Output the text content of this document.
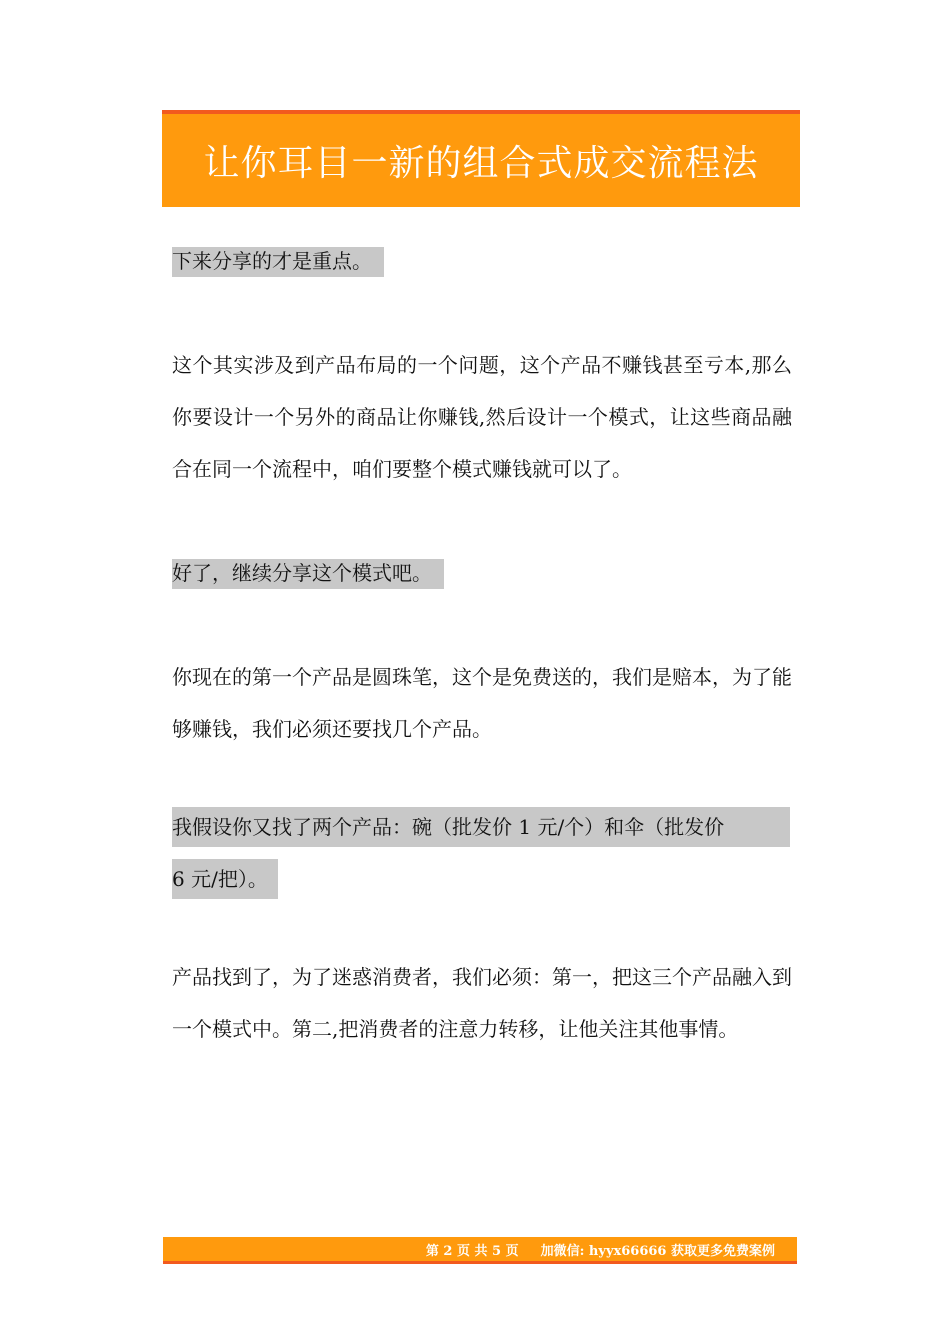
让你耳目一新的组合式成交流程法

下来分享的才是重点。

这个其实涉及到产品布局的一个问题，这个产品不赚钱甚至亏本,那么你要设计一个另外的商品让你赚钱,然后设计一个模式，让这些商品融合在同一个流程中，咱们要整个模式赚钱就可以了。

好了，继续分享这个模式吧。

你现在的第一个产品是圆珠笔，这个是免费送的，我们是赔本，为了能够赚钱，我们必须还要找几个产品。

我假设你又找了两个产品：碗（批发价 1 元/个）和伞（批发价
6 元/把）。

产品找到了，为了迷惑消费者，我们必须：第一，把这三个产品融入到一个模式中。第二,把消费者的注意力转移，让他关注其他事情。

第 2 页 共 5 页 加微信: hyyx66666 获取更多免费案例
